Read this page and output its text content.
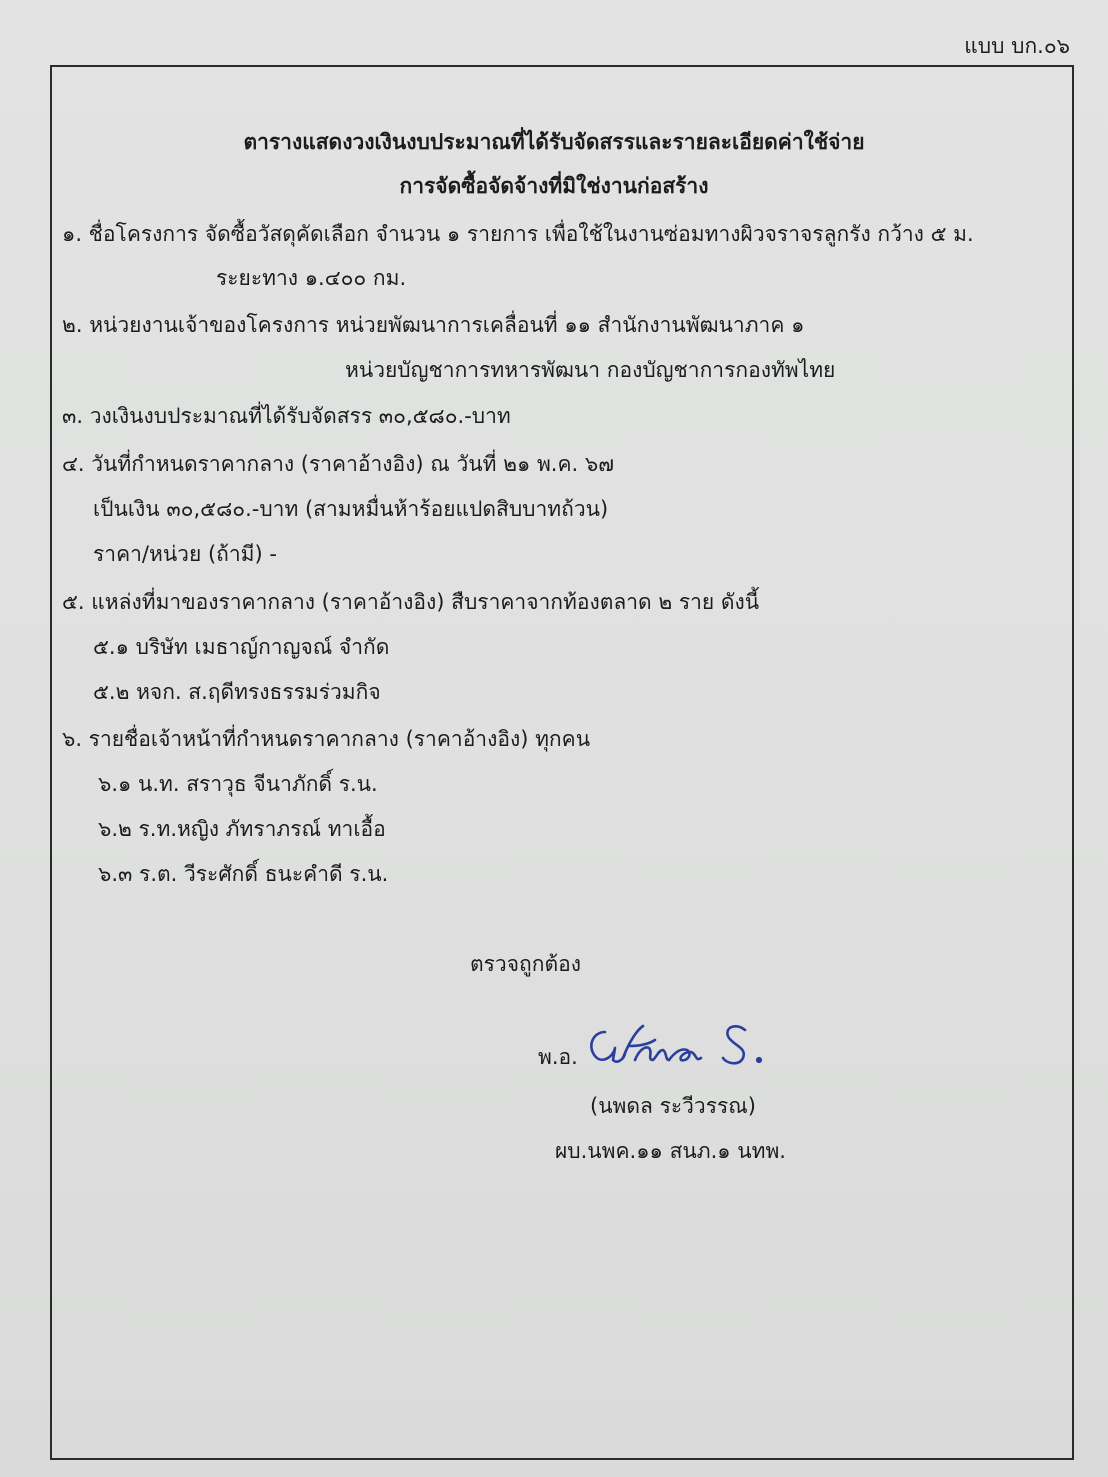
แบบ บก.๐๖
ตารางแสดงวงเงินงบประมาณที่ได้รับจัดสรรและรายละเอียดค่าใช้จ่าย
การจัดซื้อจัดจ้างที่มิใช่งานก่อสร้าง
๑. ชื่อโครงการ จัดซื้อวัสดุคัดเลือก จำนวน ๑ รายการ เพื่อใช้ในงานซ่อมทางผิวจราจรลูกรัง กว้าง ๕ ม.
ระยะทาง ๑.๔๐๐ กม.
๒. หน่วยงานเจ้าของโครงการ หน่วยพัฒนาการเคลื่อนที่ ๑๑ สำนักงานพัฒนาภาค ๑
หน่วยบัญชาการทหารพัฒนา กองบัญชาการกองทัพไทย
๓. วงเงินงบประมาณที่ได้รับจัดสรร ๓๐,๕๘๐.-บาท
๔. วันที่กำหนดราคากลาง (ราคาอ้างอิง) ณ วันที่ ๒๑ พ.ค. ๖๗
เป็นเงิน ๓๐,๕๘๐.-บาท (สามหมื่นห้าร้อยแปดสิบบาทถ้วน)
ราคา/หน่วย (ถ้ามี) -
๕. แหล่งที่มาของราคากลาง (ราคาอ้างอิง) สืบราคาจากท้องตลาด ๒ ราย ดังนี้
๕.๑ บริษัท เมธาญ์กาญจณ์ จำกัด
๕.๒ หจก. ส.ฤดีทรงธรรมร่วมกิจ
๖. รายชื่อเจ้าหน้าที่กำหนดราคากลาง (ราคาอ้างอิง) ทุกคน
๖.๑ น.ท. สราวุธ จีนาภักดิ์ ร.น.
๖.๒ ร.ท.หญิง ภัทราภรณ์ ทาเอื้อ
๖.๓ ร.ต. วีระศักดิ์ ธนะคำดี ร.น.
ตรวจถูกต้อง
พ.อ.
(นพดล ระวีวรรณ)
ผบ.นพค.๑๑ สนภ.๑ นทพ.
